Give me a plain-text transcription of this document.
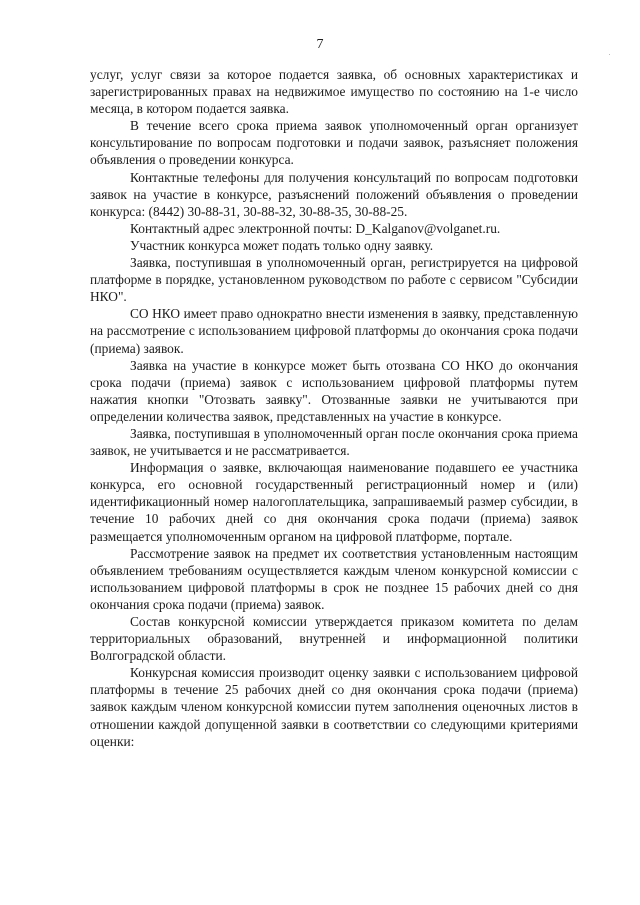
7

услуг, услуг связи за которое подается заявка, об основных характеристиках и зарегистрированных правах на недвижимое имущество по состоянию на 1-е число месяца, в котором подается заявка.

В течение всего срока приема заявок уполномоченный орган организует консультирование по вопросам подготовки и подачи заявок, разъясняет положения объявления о проведении конкурса.

Контактные телефоны для получения консультаций по вопросам подготовки заявок на участие в конкурсе, разъяснений положений объявления о проведении конкурса: (8442) 30-88-31, 30-88-32, 30-88-35, 30-88-25.

Контактный адрес электронной почты: D_Kalganov@volganet.ru.

Участник конкурса может подать только одну заявку.

Заявка, поступившая в уполномоченный орган, регистрируется на цифровой платформе в порядке, установленном руководством по работе с сервисом "Субсидии НКО".

СО НКО имеет право однократно внести изменения в заявку, представленную на рассмотрение с использованием цифровой платформы до окончания срока подачи (приема) заявок.

Заявка на участие в конкурсе может быть отозвана СО НКО до окончания срока подачи (приема) заявок с использованием цифровой платформы путем нажатия кнопки "Отозвать заявку". Отозванные заявки не учитываются при определении количества заявок, представленных на участие в конкурсе.

Заявка, поступившая в уполномоченный орган после окончания срока приема заявок, не учитывается и не рассматривается.

Информация о заявке, включающая наименование подавшего ее участника конкурса, его основной государственный регистрационный номер и (или) идентификационный номер налогоплательщика, запрашиваемый размер субсидии, в течение 10 рабочих дней со дня окончания срока подачи (приема) заявок размещается уполномоченным органом на цифровой платформе, портале.

Рассмотрение заявок на предмет их соответствия установленным настоящим объявлением требованиям осуществляется каждым членом конкурсной комиссии с использованием цифровой платформы в срок не позднее 15 рабочих дней со дня окончания срока подачи (приема) заявок.

Состав конкурсной комиссии утверждается приказом комитета по делам территориальных образований, внутренней и информационной политики Волгоградской области.

Конкурсная комиссия производит оценку заявки с использованием цифровой платформы в течение 25 рабочих дней со дня окончания срока подачи (приема) заявок каждым членом конкурсной комиссии путем заполнения оценочных листов в отношении каждой допущенной заявки в соответствии со следующими критериями оценки:
